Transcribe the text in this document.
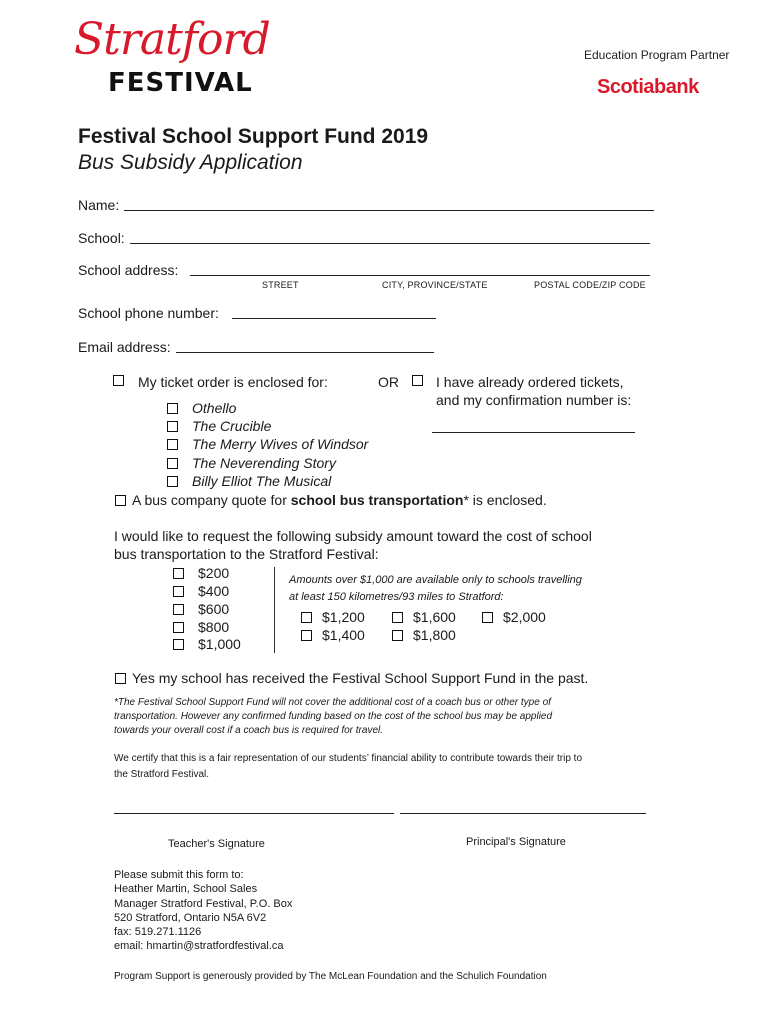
Stratford
FESTIVAL
Education Program Partner
Scotiabank
Festival School Support Fund 2019
Bus Subsidy Application
Name:
School:
School address:
STREET	CITY, PROVINCE/STATE	POSTAL CODE/ZIP CODE
School phone number:
Email address:
My ticket order is enclosed for:	OR	I have already ordered tickets,
and my confirmation number is:
Othello
The Crucible
The Merry Wives of Windsor
The Neverending Story
Billy Elliot The Musical
A bus company quote for school bus transportation* is enclosed.
I would like to request the following subsidy amount toward the cost of school
bus transportation to the Stratford Festival:
$200
$400
$600
$800
$1,000
Amounts over $1,000 are available only to schools travelling
at least 150 kilometres/93 miles to Stratford:
$1,200	$1,600	$2,000
$1,400	$1,800
Yes my school has received the Festival School Support Fund in the past.
*The Festival School Support Fund will not cover the additional cost of a coach bus or other type of
transportation. However any confirmed funding based on the cost of the school bus may be applied
towards your overall cost if a coach bus is required for travel.
We certify that this is a fair representation of our students’ financial ability to contribute towards their trip to
the Stratford Festival.
Teacher's Signature	Principal's Signature
Please submit this form to:
Heather Martin, School Sales
Manager Stratford Festival, P.O. Box
520 Stratford, Ontario N5A 6V2
fax: 519.271.1126
email: hmartin@stratfordfestival.ca
Program Support is generously provided by The McLean Foundation and the Schulich Foundation
